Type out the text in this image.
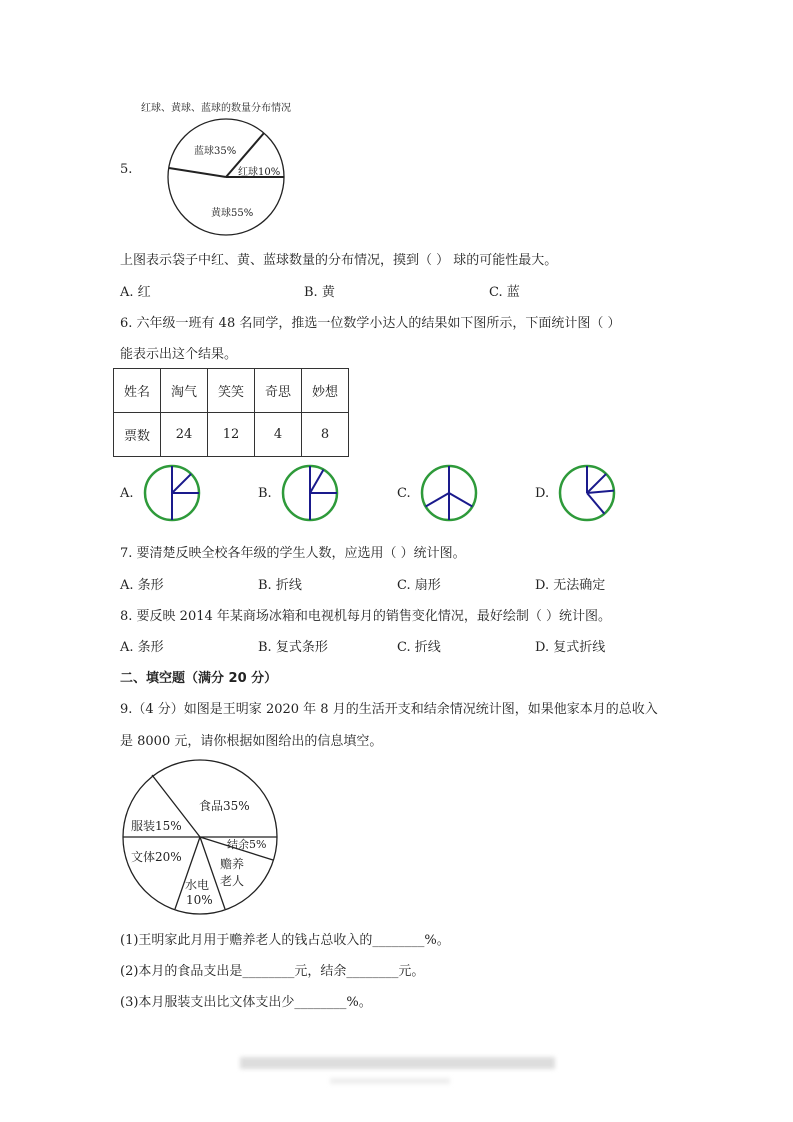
红球、黄球、蓝球的数量分布情况
5.
蓝球35%
红球10%
黄球55%
上图表示袋子中红、黄、蓝球数量的分布情况，摸到（ ） 球的可能性最大。
A. 红	B. 黄	C. 蓝
6. 六年级一班有 48 名同学，推选一位数学小达人的结果如下图所示，下面统计图（ ）
能表示出这个结果。
姓名	淘气	笑笑	奇思	妙想
票数	24	12	4	8
A.	B.	C.	D.
7. 要清楚反映全校各年级的学生人数，应选用（ ）统计图。
A. 条形	B. 折线	C. 扇形	D. 无法确定
8. 要反映 2014 年某商场冰箱和电视机每月的销售变化情况，最好绘制（ ）统计图。
A. 条形	B. 复式条形	C. 折线	D. 复式折线
二、填空题（满分 20 分）
9.（4 分）如图是王明家 2020 年 8 月的生活开支和结余情况统计图，如果他家本月的总收入
是 8000 元，请你根据如图给出的信息填空。
食品35%
服装15%
文体20%
结余5%
赡养
老人
水电
10%
(1)王明家此月用于赡养老人的钱占总收入的________%。
(2)本月的食品支出是________元，结余________元。
(3)本月服装支出比文体支出少________%。
